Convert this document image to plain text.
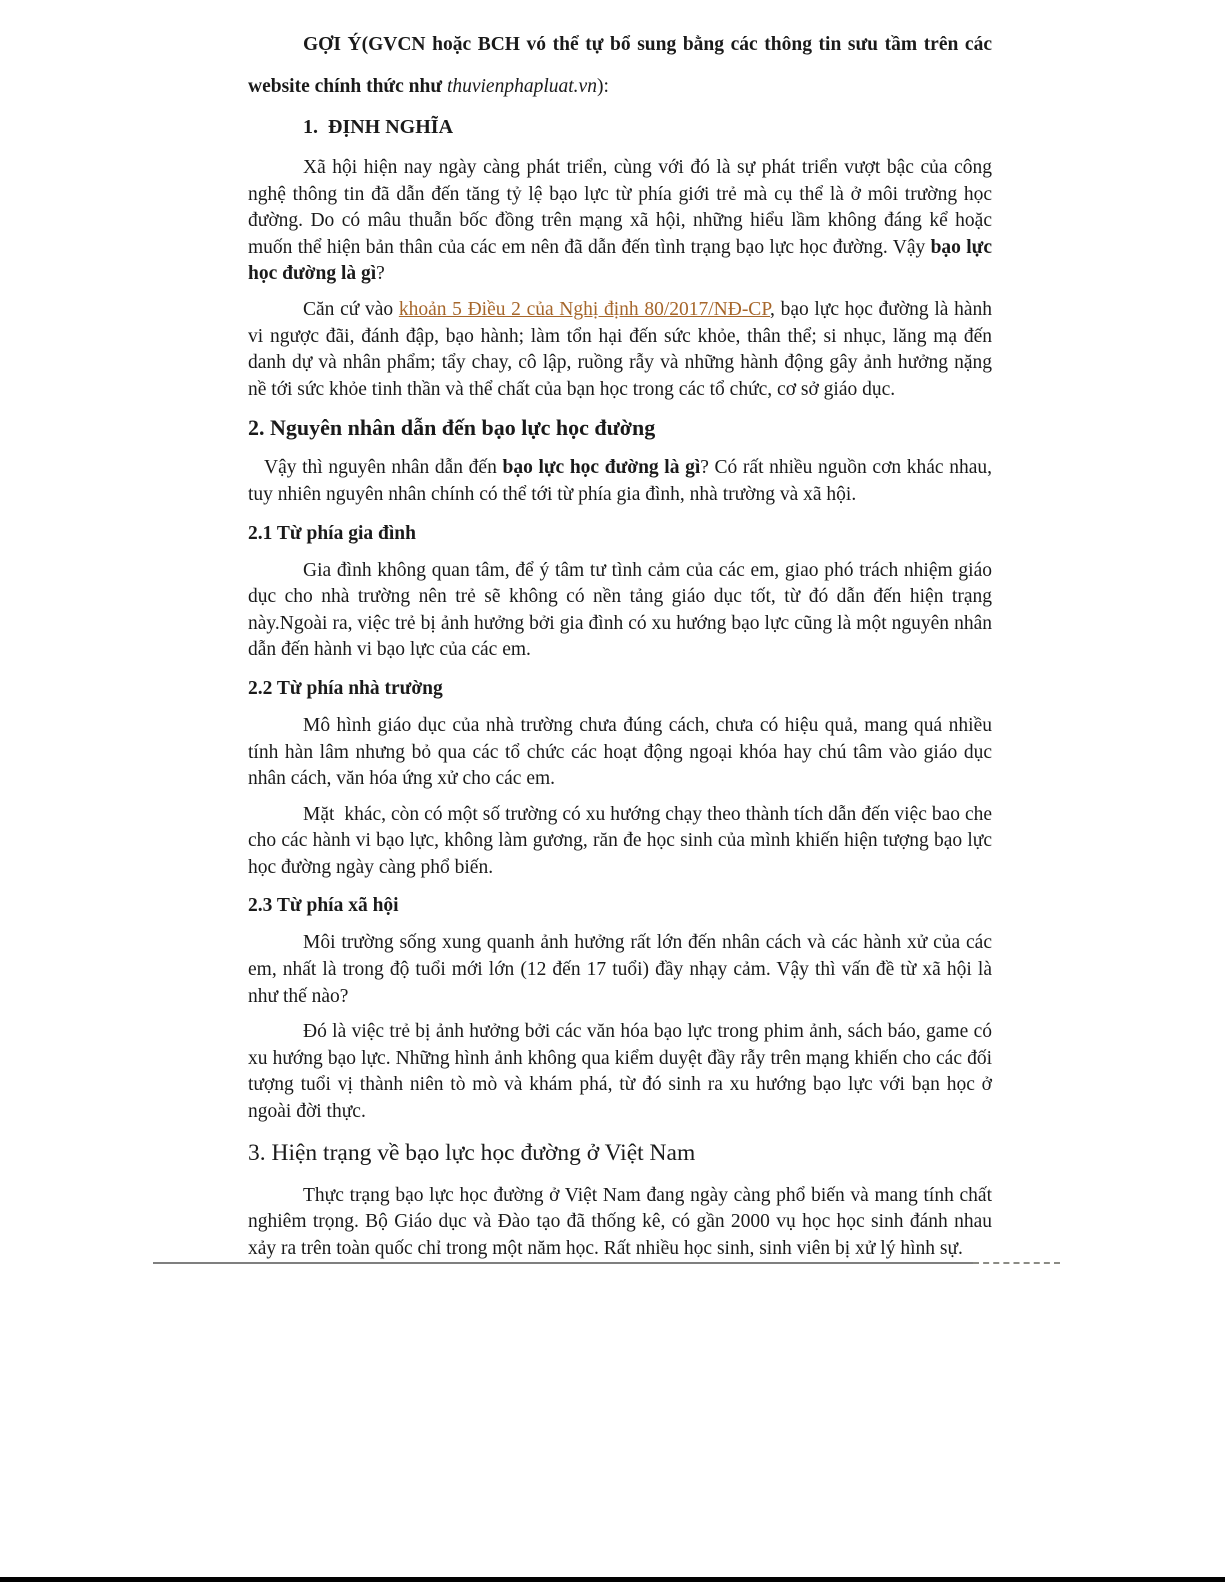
GỢI Ý(GVCN hoặc BCH vó thể tự bổ sung bằng các thông tin sưu tầm trên các website chính thức như thuvienphapluat.vn):

1.  ĐỊNH NGHĨA

Xã hội hiện nay ngày càng phát triển, cùng với đó là sự phát triển vượt bậc của công nghệ thông tin đã dẫn đến tăng tỷ lệ bạo lực từ phía giới trẻ mà cụ thể là ở môi trường học đường. Do có mâu thuẫn bốc đồng trên mạng xã hội, những hiểu lầm không đáng kể hoặc muốn thể hiện bản thân của các em nên đã dẫn đến tình trạng bạo lực học đường. Vậy bạo lực học đường là gì?

Căn cứ vào khoản 5 Điều 2 của Nghị định 80/2017/NĐ-CP, bạo lực học đường là hành vi ngược đãi, đánh đập, bạo hành; làm tổn hại đến sức khỏe, thân thể; si nhục, lăng mạ đến danh dự và nhân phẩm; tẩy chay, cô lập, ruồng rẫy và những hành động gây ảnh hưởng nặng nề tới sức khỏe tinh thần và thể chất của bạn học trong các tổ chức, cơ sở giáo dục.

2. Nguyên nhân dẫn đến bạo lực học đường

Vậy thì nguyên nhân dẫn đến bạo lực học đường là gì? Có rất nhiều nguồn cơn khác nhau, tuy nhiên nguyên nhân chính có thể tới từ phía gia đình, nhà trường và xã hội.

2.1 Từ phía gia đình

Gia đình không quan tâm, để ý tâm tư tình cảm của các em, giao phó trách nhiệm giáo dục cho nhà trường nên trẻ sẽ không có nền tảng giáo dục tốt, từ đó dẫn đến hiện trạng này.Ngoài ra, việc trẻ bị ảnh hưởng bởi gia đình có xu hướng bạo lực cũng là một nguyên nhân dẫn đến hành vi bạo lực của các em.

2.2 Từ phía nhà trường

Mô hình giáo dục của nhà trường chưa đúng cách, chưa có hiệu quả, mang quá nhiều tính hàn lâm nhưng bỏ qua các tổ chức các hoạt động ngoại khóa hay chú tâm vào giáo dục nhân cách, văn hóa ứng xử cho các em.

Mặt  khác, còn có một số trường có xu hướng chạy theo thành tích dẫn đến việc bao che cho các hành vi bạo lực, không làm gương, răn đe học sinh của mình khiến hiện tượng bạo lực học đường ngày càng phổ biến.

2.3 Từ phía xã hội

Môi trường sống xung quanh ảnh hưởng rất lớn đến nhân cách và các hành xử của các em, nhất là trong độ tuổi mới lớn (12 đến 17 tuổi) đầy nhạy cảm. Vậy thì vấn đề từ xã hội là như thế nào?

Đó là việc trẻ bị ảnh hưởng bởi các văn hóa bạo lực trong phim ảnh, sách báo, game có xu hướng bạo lực. Những hình ảnh không qua kiểm duyệt đầy rẫy trên mạng khiến cho các đối tượng tuổi vị thành niên tò mò và khám phá, từ đó sinh ra xu hướng bạo lực với bạn học ở ngoài đời thực.

3. Hiện trạng về bạo lực học đường ở Việt Nam

Thực trạng bạo lực học đường ở Việt Nam đang ngày càng phổ biến và mang tính chất nghiêm trọng. Bộ Giáo dục và Đào tạo đã thống kê, có gần 2000 vụ học học sinh đánh nhau xảy ra trên toàn quốc chỉ trong một năm học. Rất nhiều học sinh, sinh viên bị xử lý hình sự.
